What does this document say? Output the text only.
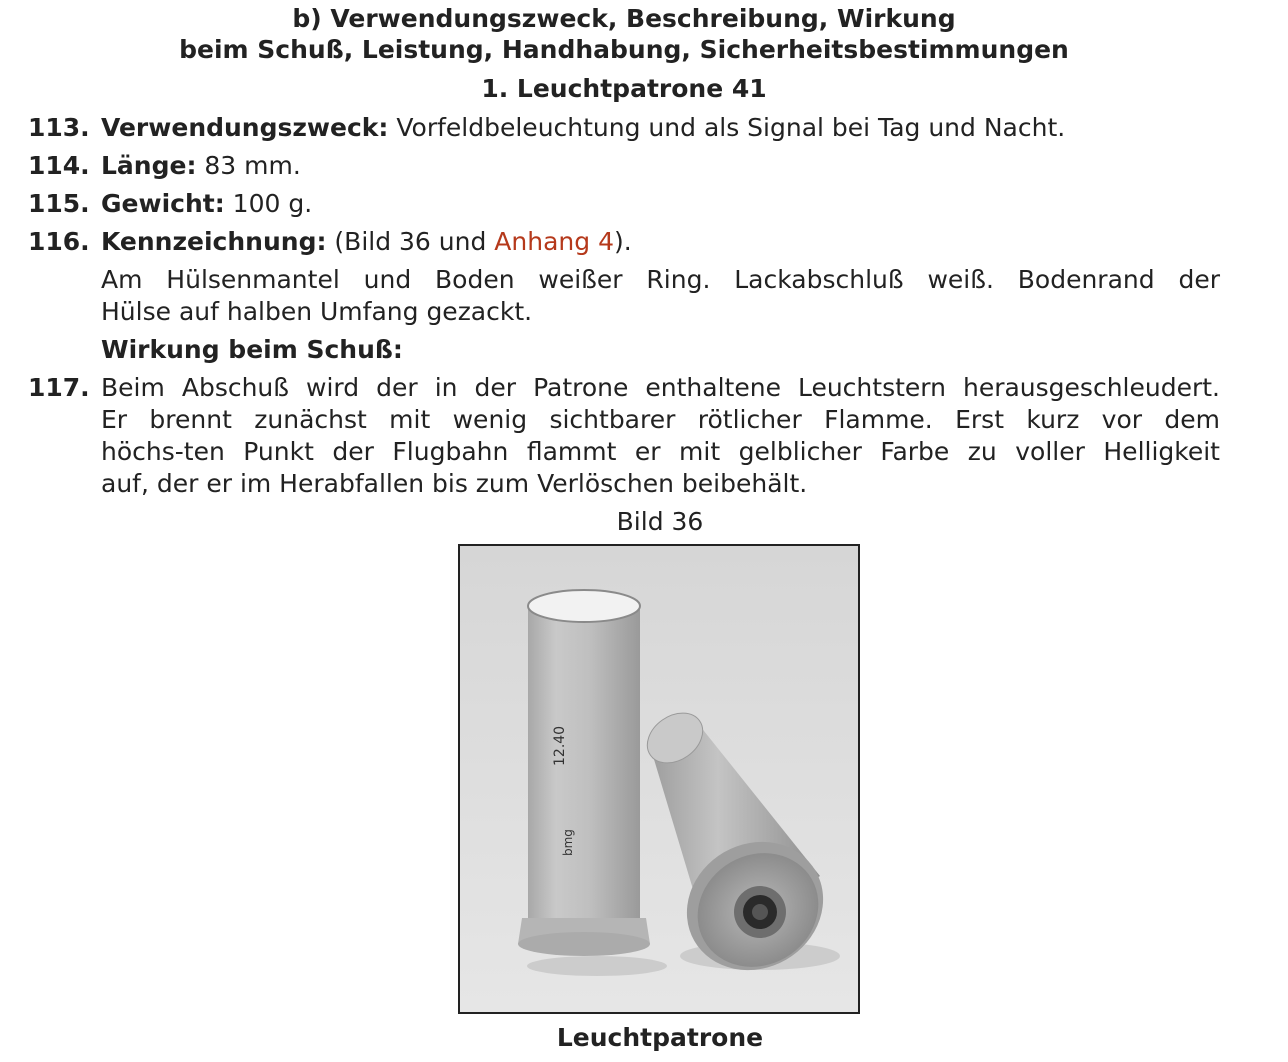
b) Verwendungszweck, Beschreibung, Wirkung
beim Schuß, Leistung, Handhabung, Sicherheitsbestimmungen
1. Leuchtpatrone 41
113. Verwendungszweck: Vorfeldbeleuchtung und als Signal bei Tag und Nacht.
114. Länge: 83 mm.
115. Gewicht: 100 g.
116. Kennzeichnung: (Bild 36 und Anhang 4).
Am Hülsenmantel und Boden weißer Ring. Lackabschluß weiß. Bodenrand der
Hülse auf halben Umfang gezackt.
Wirkung beim Schuß:
117. Beim Abschuß wird der in der Patrone enthaltene Leuchtstern herausgeschleudert.
Er brennt zunächst mit wenig sichtbarer rötlicher Flamme. Erst kurz vor dem
höchs-ten Punkt der Flugbahn flammt er mit gelblicher Farbe zu voller Helligkeit
auf, der er im Herabfallen bis zum Verlöschen beibehält.
Bild 36
12.40
bmg
Leuchtpatrone
